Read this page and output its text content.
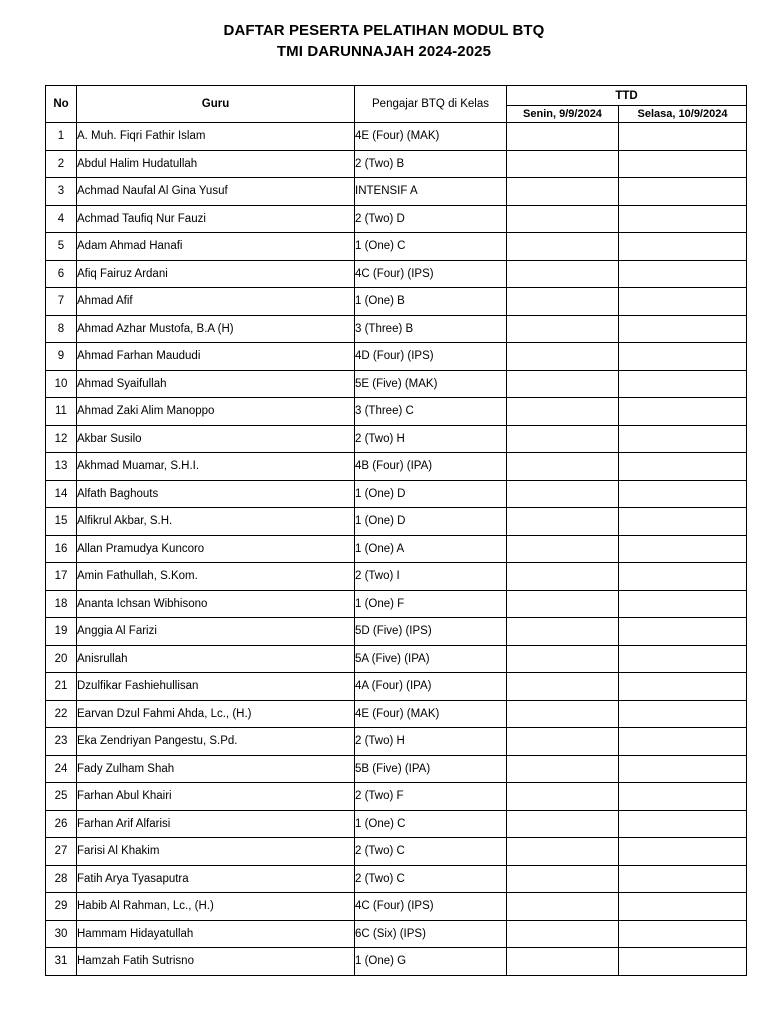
DAFTAR PESERTA PELATIHAN MODUL BTQ
TMI DARUNNAJAH 2024-2025
No	Guru	Pengajar BTQ di Kelas	TTD	
			Senin, 9/9/2024	Selasa, 10/9/2024
1	A. Muh. Fiqri Fathir Islam	4E (Four) (MAK)		
2	Abdul Halim Hudatullah	2 (Two) B		
3	Achmad Naufal Al Gina Yusuf	INTENSIF A		
4	Achmad Taufiq Nur Fauzi	2 (Two) D		
5	Adam Ahmad Hanafi	1 (One) C		
6	Afiq Fairuz Ardani	4C (Four) (IPS)		
7	Ahmad Afif	1 (One) B		
8	Ahmad Azhar Mustofa, B.A (H)	3 (Three) B		
9	Ahmad Farhan Maududi	4D (Four) (IPS)		
10	Ahmad Syaifullah	5E (Five) (MAK)		
11	Ahmad Zaki Alim Manoppo	3 (Three) C		
12	Akbar Susilo	2 (Two) H		
13	Akhmad Muamar, S.H.I.	4B (Four) (IPA)		
14	Alfath Baghouts	1 (One) D		
15	Alfikrul Akbar, S.H.	1 (One) D		
16	Allan Pramudya Kuncoro	1 (One) A		
17	Amin Fathullah, S.Kom.	2 (Two) I		
18	Ananta Ichsan Wibhisono	1 (One) F		
19	Anggia Al Farizi	5D (Five) (IPS)		
20	Anisrullah	5A (Five) (IPA)		
21	Dzulfikar Fashiehullisan	4A (Four) (IPA)		
22	Earvan Dzul Fahmi Ahda, Lc., (H.)	4E (Four) (MAK)		
23	Eka Zendriyan Pangestu, S.Pd.	2 (Two) H		
24	Fady Zulham Shah	5B (Five) (IPA)		
25	Farhan Abul Khairi	2 (Two) F		
26	Farhan Arif Alfarisi	1 (One) C		
27	Farisi Al Khakim	2 (Two) C		
28	Fatih Arya Tyasaputra	2 (Two) C		
29	Habib Al Rahman, Lc., (H.)	4C (Four) (IPS)		
30	Hammam Hidayatullah	6C (Six) (IPS)		
31	Hamzah Fatih Sutrisno	1 (One) G		
